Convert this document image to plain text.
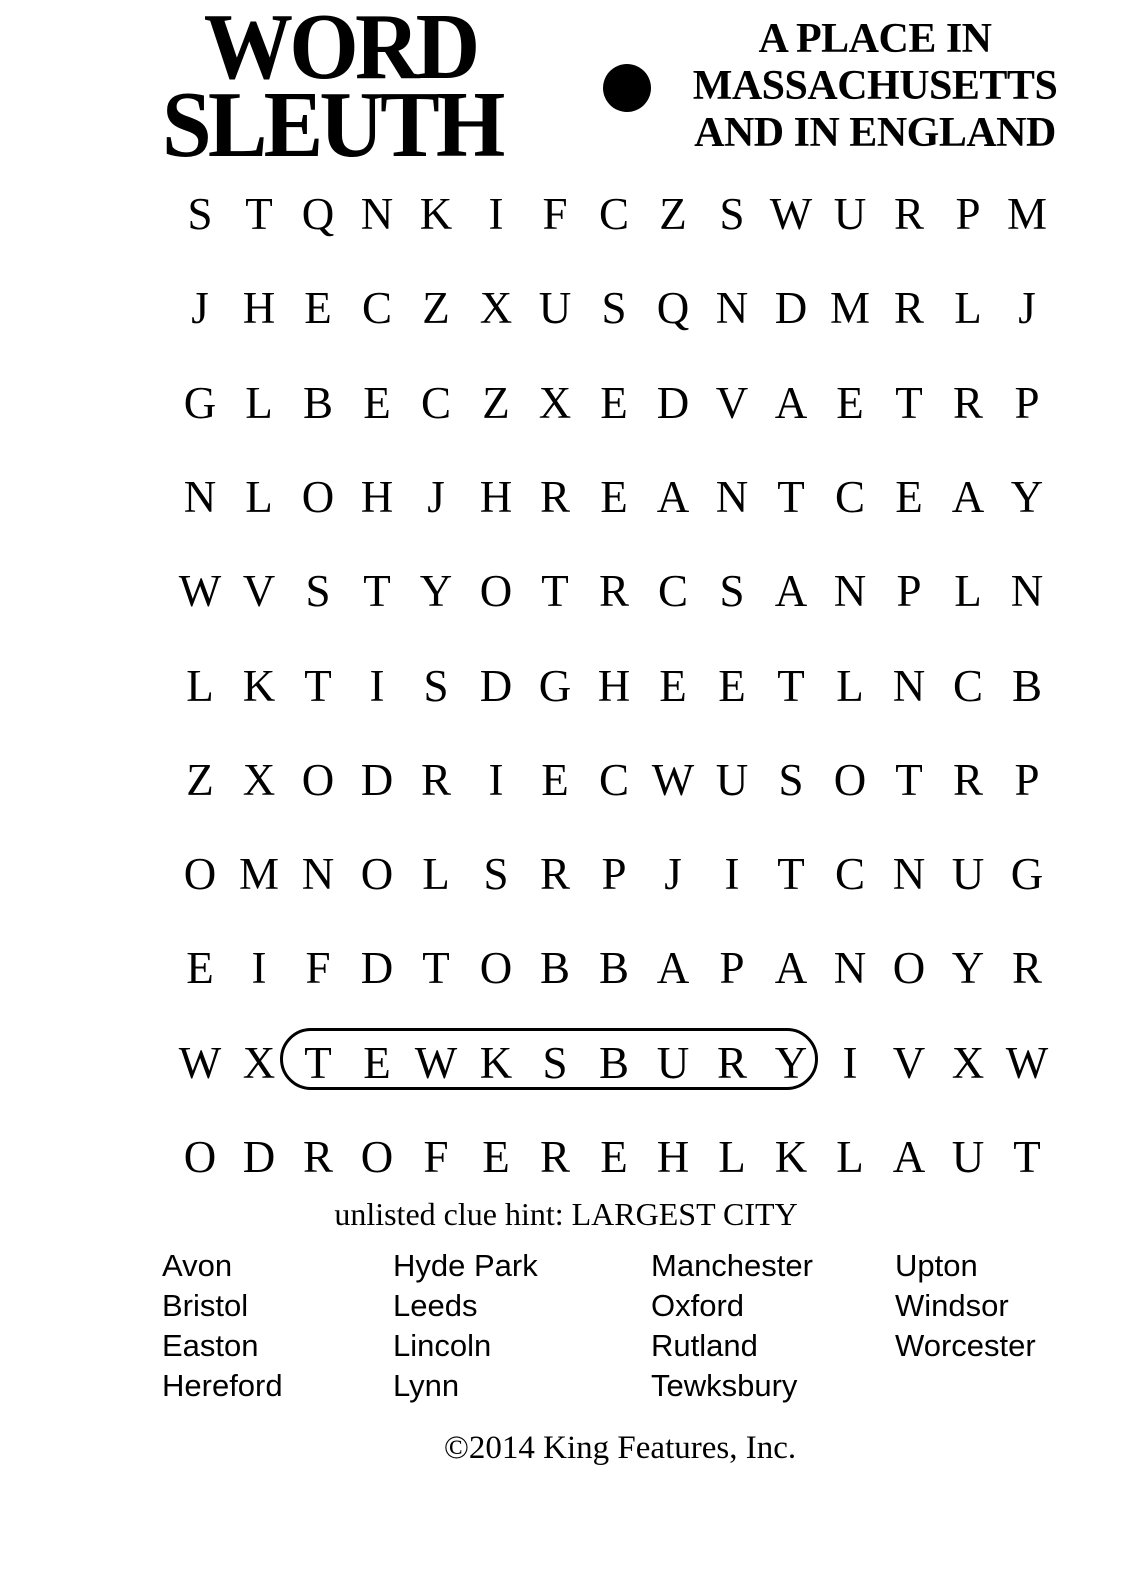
WORD
SLEUTH
A PLACE IN
MASSACHUSETTS
AND IN ENGLAND
S T Q N K I F C Z S W U R P M
J H E C Z X U S Q N D M R L J
G L B E C Z X E D V A E T R P
N L O H J H R E A N T C E A Y
W V S T Y O T R C S A N P L N
L K T I S D G H E E T L N C B
Z X O D R I E C W U S O T R P
O M N O L S R P J I T C N U G
E I F D T O B B A P A N O Y R
W X T E W K S B U R Y I V X W
O D R O F E R E H L K L A U T
unlisted clue hint: LARGEST CITY
Avon
Bristol
Easton
Hereford
Hyde Park
Leeds
Lincoln
Lynn
Manchester
Oxford
Rutland
Tewksbury
Upton
Windsor
Worcester
©2014 King Features, Inc.
